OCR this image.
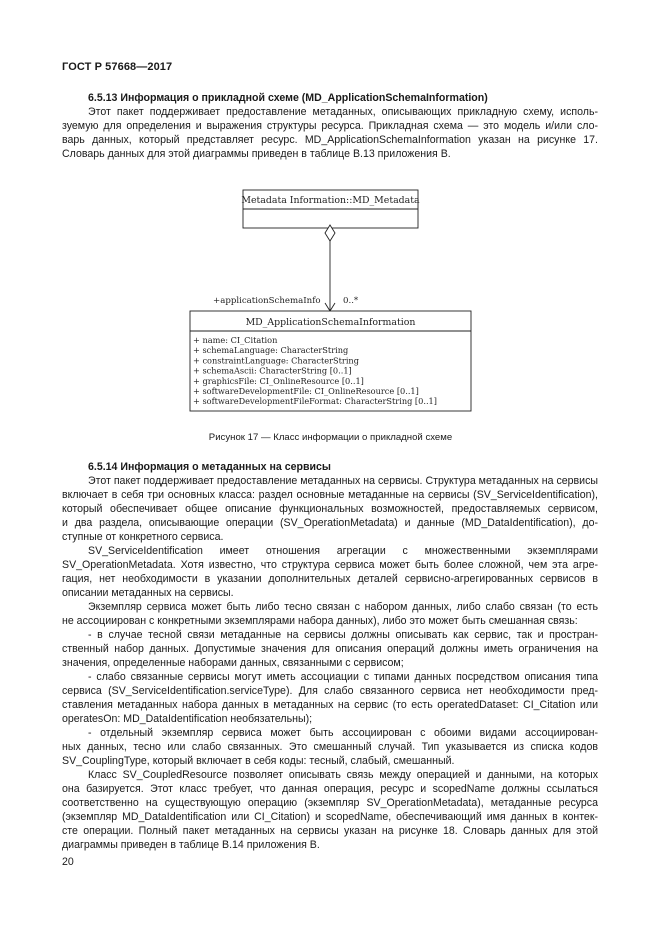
ГОСТ Р 57668—2017
6.5.13 Информация о прикладной схеме (MD_ApplicationSchemaInformation)
Этот пакет поддерживает предоставление метаданных, описывающих прикладную схему, исполь-
зуемую для определения и выражения структуры ресурса. Прикладная схема — это модель и/или сло-
варь данных, который представляет ресурс. MD_ApplicationSchemaInformation указан на рисунке 17.
Словарь данных для этой диаграммы приведен в таблице В.13 приложения В.
Metadata Information::MD_Metadata
+applicationSchemaInfo	0..*
MD_ApplicationSchemaInformation
+ name: CI_Citation
+ schemaLanguage: CharacterString
+ constraintLanguage: CharacterString
+ schemaAscii: CharacterString [0..1]
+ graphicsFile: CI_OnlineResource [0..1]
+ softwareDevelopmentFile: CI_OnlineResource [0..1]
+ softwareDevelopmentFileFormat: CharacterString [0..1]
Рисунок 17 — Класс информации о прикладной схеме
6.5.14 Информация о метаданных на сервисы
Этот пакет поддерживает предоставление метаданных на сервисы. Структура метаданных на сервисы
включает в себя три основных класса: раздел основные метаданные на сервисы (SV_ServiceIdentification),
который обеспечивает общее описание функциональных возможностей, предоставляемых сервисом,
и два раздела, описывающие операции (SV_OperationMetadata) и данные (MD_DataIdentification), до-
ступные от конкретного сервиса.
SV_ServiceIdentification имеет отношения агрегации с множественными экземплярами
SV_OperationMetadata. Хотя известно, что структура сервиса может быть более сложной, чем эта агре-
гация, нет необходимости в указании дополнительных деталей сервисно-агрегированных сервисов в
описании метаданных на сервисы.
Экземпляр сервиса может быть либо тесно связан с набором данных, либо слабо связан (то есть
не ассоциирован с конкретными экземплярами набора данных), либо это может быть смешанная связь:
- в случае тесной связи метаданные на сервисы должны описывать как сервис, так и простран-
ственный набор данных. Допустимые значения для описания операций должны иметь ограничения на
значения, определенные наборами данных, связанными с сервисом;
- слабо связанные сервисы могут иметь ассоциации с типами данных посредством описания типа
сервиса (SV_ServiceIdentification.serviceType). Для слабо связанного сервиса нет необходимости пред-
ставления метаданных набора данных в метаданных на сервис (то есть operatedDataset: CI_Citation или
operatesOn: MD_DataIdentification необязательны);
- отдельный экземпляр сервиса может быть ассоциирован с обоими видами ассоциирован-
ных данных, тесно или слабо связанных. Это смешанный случай. Тип указывается из списка кодов
SV_CouplingType, который включает в себя коды: тесный, слабый, смешанный.
Класс SV_CoupledResource позволяет описывать связь между операцией и данными, на которых
она базируется. Этот класс требует, что данная операция, ресурс и scopedName должны ссылаться
соответственно на существующую операцию (экземпляр SV_OperationMetadata), метаданные ресурса
(экземпляр MD_DataIdentification или CI_Citation) и scopedName, обеспечивающий имя данных в контек-
сте операции. Полный пакет метаданных на сервисы указан на рисунке 18. Словарь данных для этой
диаграммы приведен в таблице В.14 приложения В.
20
